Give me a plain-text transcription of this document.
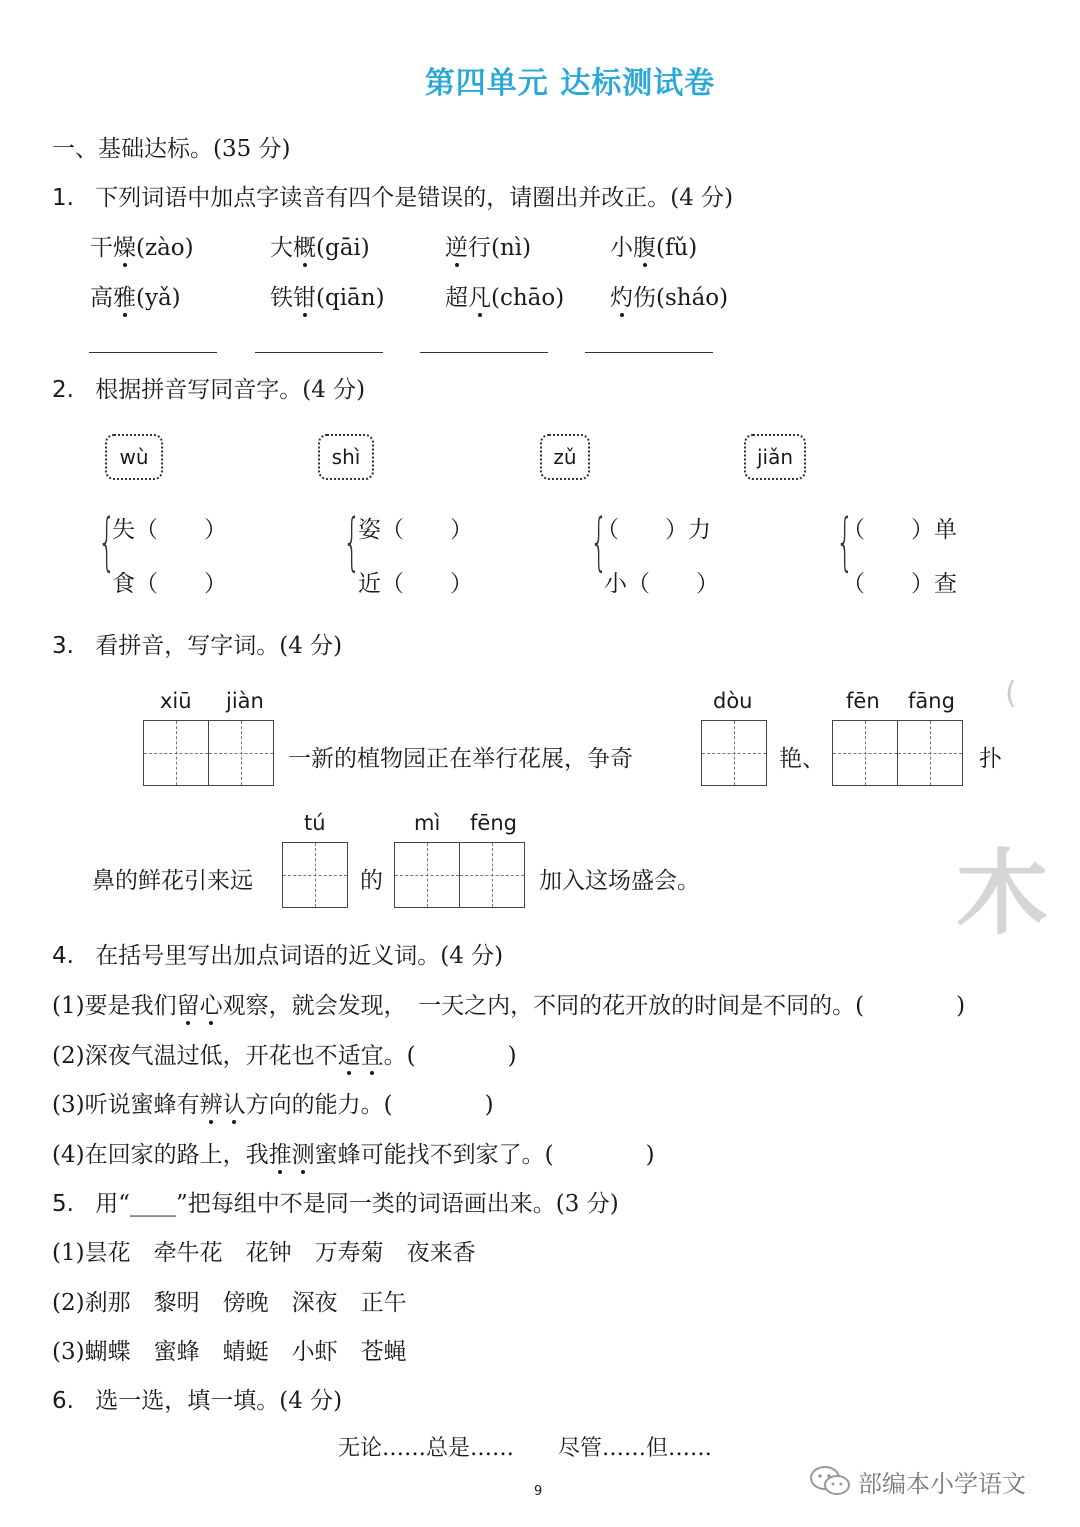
第四单元 达标测试卷
一、基础达标。(35 分)
1. 下列词语中加点字读音有四个是错误的，请圈出并改正。(4 分)
干燥(zào)	大概(gāi)	逆行(nì)	小腹(fǔ)
高雅(yǎ)	铁钳(qiān)	超凡(chāo) 灼伤(sháo)
2. 根据拼音写同音字。(4 分)
wù	shì	zǔ	jiǎn
{	{	{	{
失（　　）
食（　　）
姿（　　）
近（　　）
（　　）力
小（　　）
（　　）单
（　　）查
3. 看拼音，写字词。(4 分)
xiū jiàn	dòu	fēn fāng
一新的植物园正在举行花展，争奇	艳、	扑
(
tú	mì fēng
鼻的鲜花引来远	的	加入这场盛会。	木
4. 在括号里写出加点词语的近义词。(4 分)
(1)要是我们留心观察，就会发现，　一天之内，不同的花开放的时间是不同的。(　　　　)
(2)深夜气温过低，开花也不适宜。(　　　　)
(3)听说蜜蜂有辨认方向的能力。(　　　　)
(4)在回家的路上，我推测蜜蜂可能找不到家了。(　　　　)
5. 用“____”把每组中不是同一类的词语画出来。(3 分)
(1)昙花　牵牛花　花钟　万寿菊　夜来香
(2)刹那　黎明　傍晚　深夜　正午
(3)蝴蝶　蜜蜂　蜻蜓　小虾　苍蝇
6. 选一选，填一填。(4 分)
无论……总是……　　尽管……但……
9	部编本小学语文
